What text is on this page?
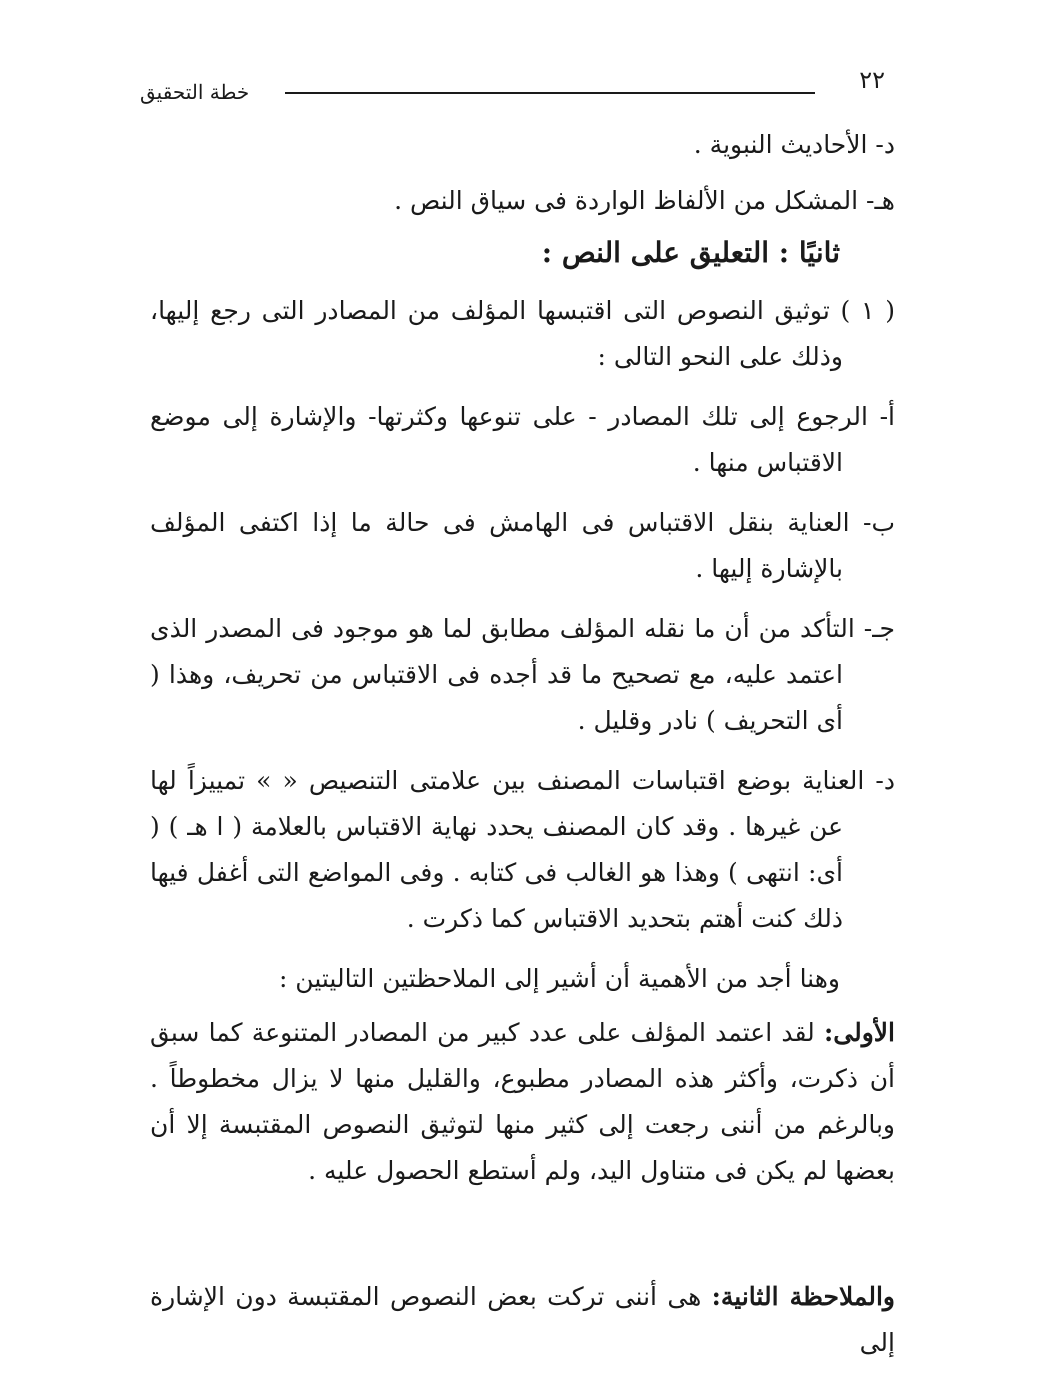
٢٢
خطة التحقيق

د- الأحاديث النبوية .

هـ- المشكل من الألفاظ الواردة فى سياق النص .

ثانيًا : التعليق على النص :

( ١ ) توثيق النصوص التى اقتبسها المؤلف من المصادر التى رجع إليها، وذلك على النحو التالى :

أ- الرجوع إلى تلك المصادر - على تنوعها وكثرتها- والإشارة إلى موضع الاقتباس منها .

ب- العناية بنقل الاقتباس فى الهامش فى حالة ما إذا اكتفى المؤلف بالإشارة إليها .

جـ- التأكد من أن ما نقله المؤلف مطابق لما هو موجود فى المصدر الذى اعتمد عليه، مع تصحيح ما قد أجده فى الاقتباس من تحريف، وهذا ( أى التحريف ) نادر وقليل .

د- العناية بوضع اقتباسات المصنف بين علامتى التنصيص « » تمييزاً لها عن غيرها . وقد كان المصنف يحدد نهاية الاقتباس بالعلامة ( ا هـ ) ( أى: انتهى ) وهذا هو الغالب فى كتابه . وفى المواضع التى أغفل فيها ذلك كنت أهتم بتحديد الاقتباس كما ذكرت .

وهنا أجد من الأهمية أن أشير إلى الملاحظتين التاليتين :

الأولى: لقد اعتمد المؤلف على عدد كبير من المصادر المتنوعة كما سبق أن ذكرت، وأكثر هذه المصادر مطبوع، والقليل منها لا يزال مخطوطاً . وبالرغم من أننى رجعت إلى كثير منها لتوثيق النصوص المقتبسة إلا أن بعضها لم يكن فى متناول اليد، ولم أستطع الحصول عليه .

والملاحظة الثانية: هى أننى تركت بعض النصوص المقتبسة دون الإشارة إلى
